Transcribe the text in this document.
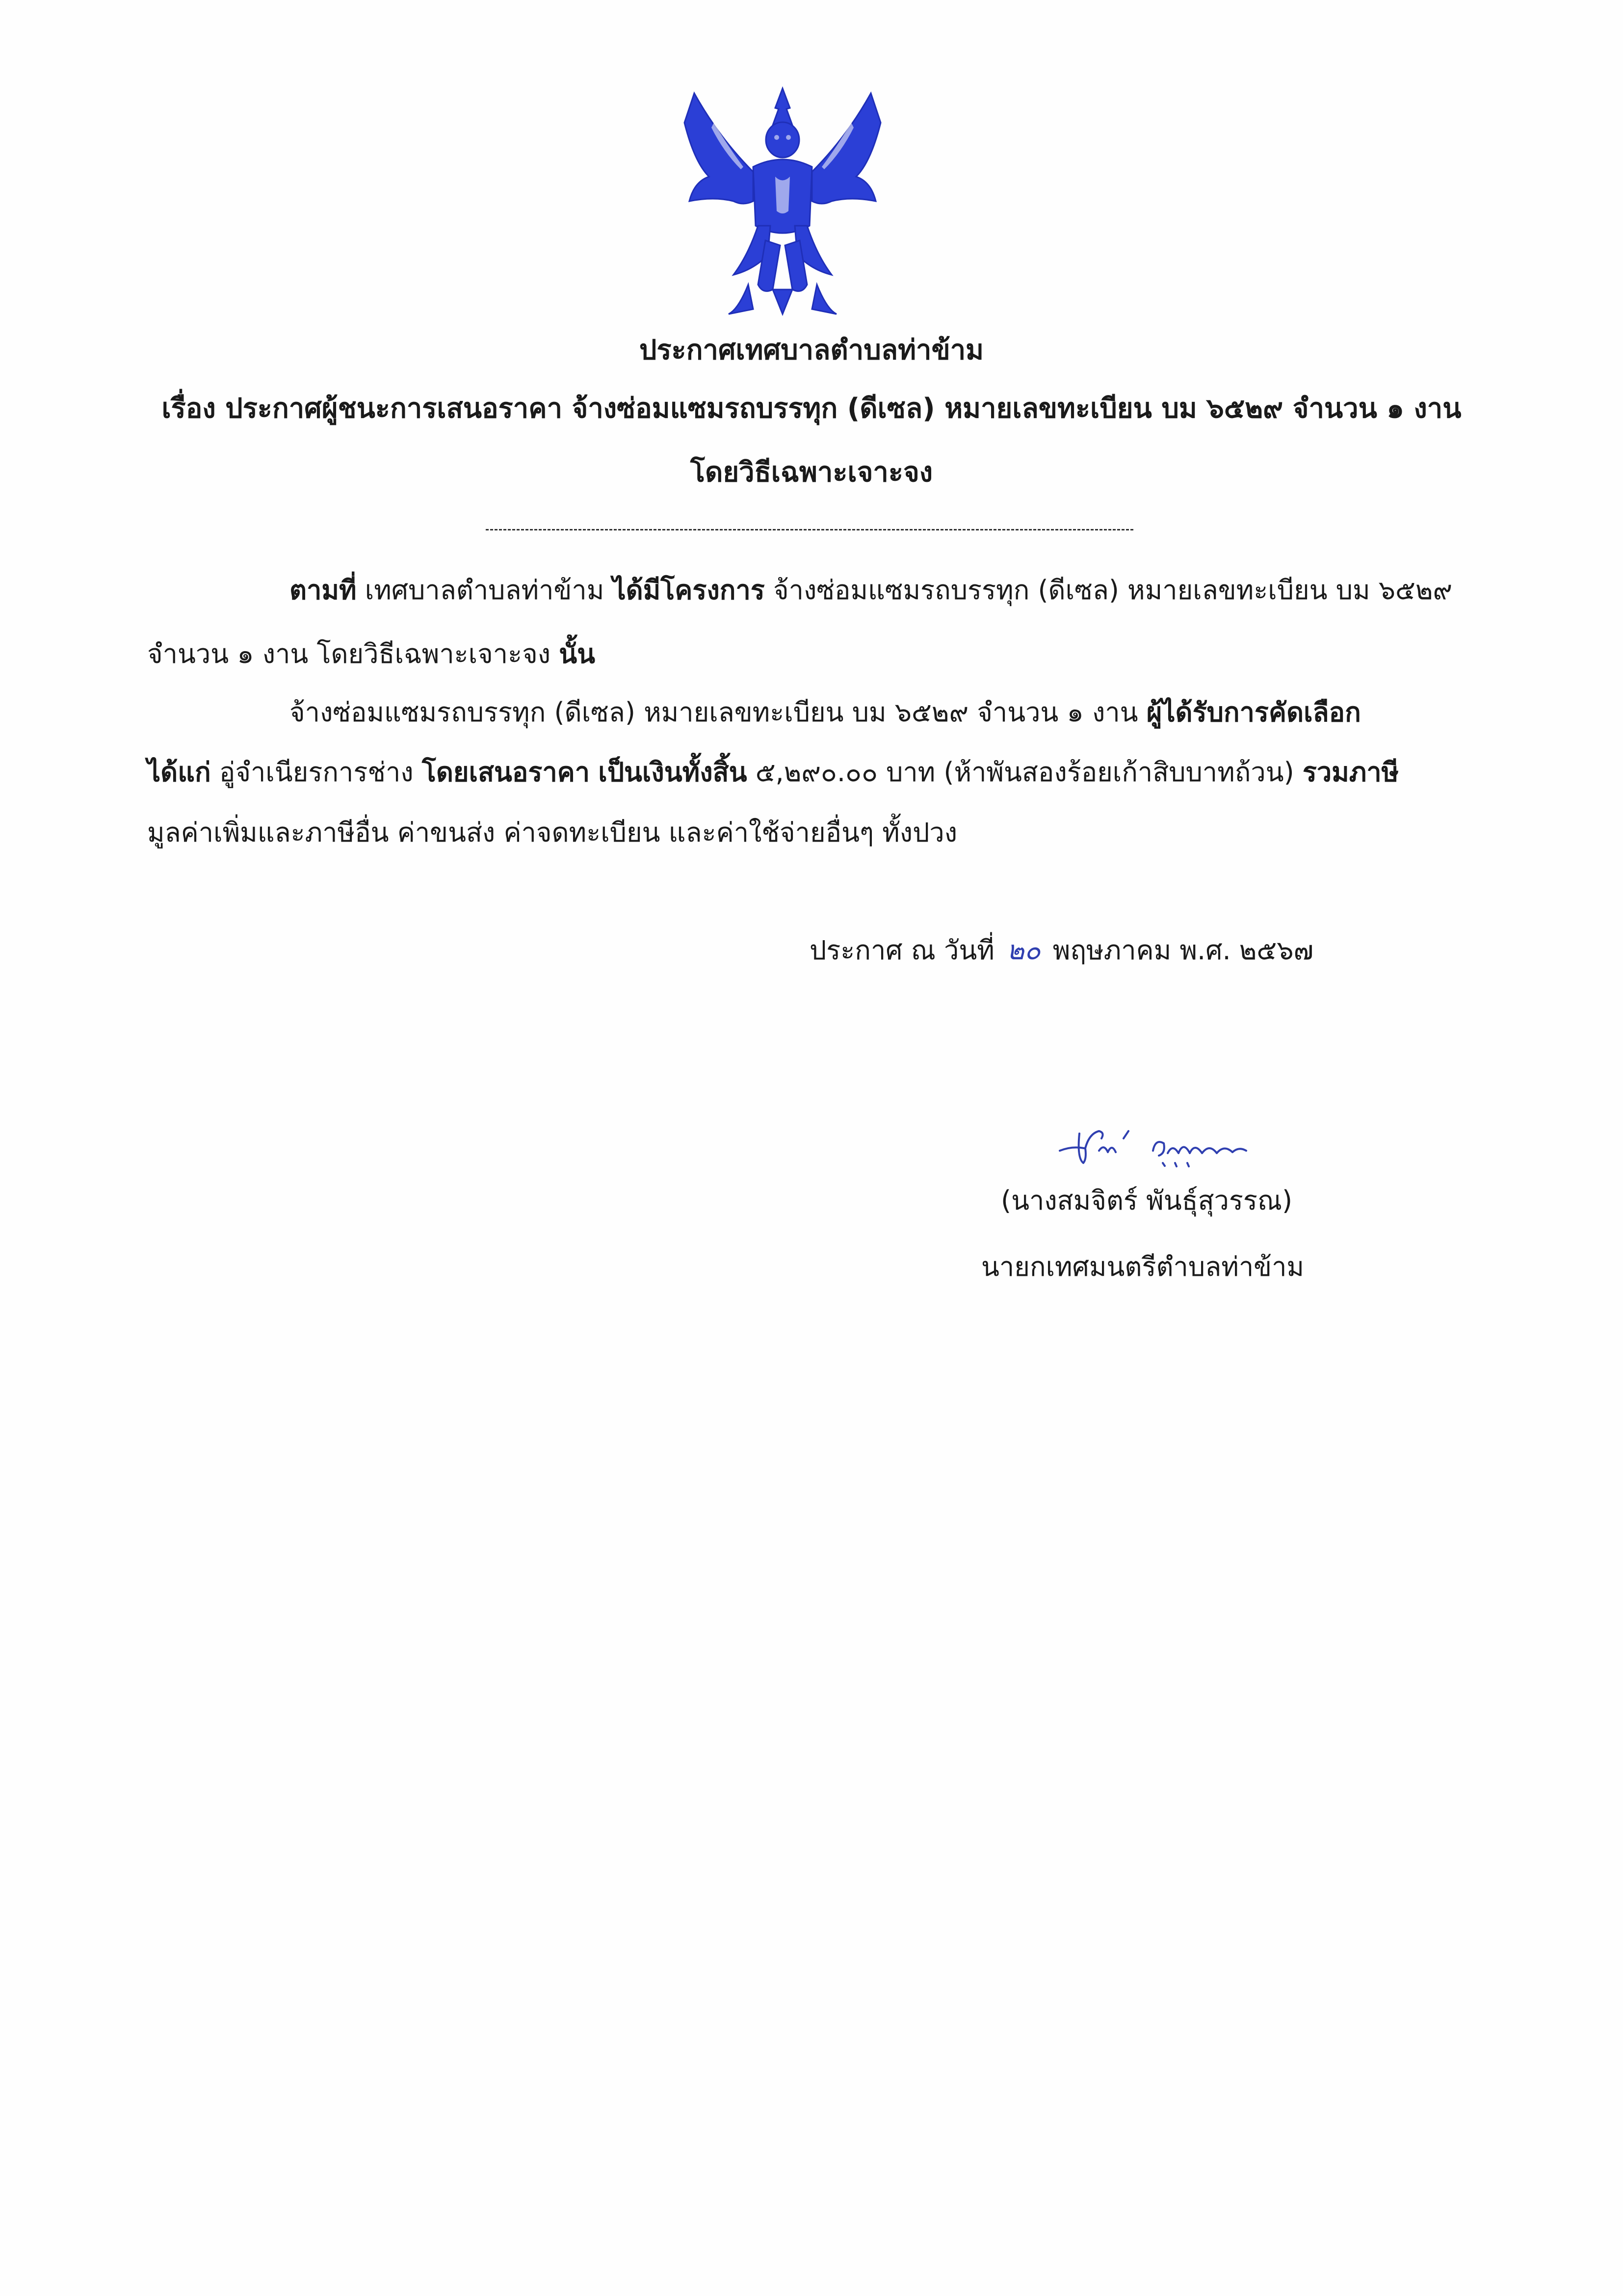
ประกาศเทศบาลตำบลท่าข้าม
เรื่อง ประกาศผู้ชนะการเสนอราคา จ้างซ่อมแซมรถบรรทุก (ดีเซล) หมายเลขทะเบียน บม ๖๕๒๙ จำนวน ๑ งาน
โดยวิธีเฉพาะเจาะจง
ตามที่ เทศบาลตำบลท่าข้าม ได้มีโครงการ จ้างซ่อมแซมรถบรรทุก (ดีเซล) หมายเลขทะเบียน บม ๖๕๒๙
จำนวน ๑ งาน โดยวิธีเฉพาะเจาะจง นั้น
จ้างซ่อมแซมรถบรรทุก (ดีเซล) หมายเลขทะเบียน บม ๖๕๒๙ จำนวน ๑ งาน ผู้ได้รับการคัดเลือก
ได้แก่ อู่จำเนียรการช่าง โดยเสนอราคา เป็นเงินทั้งสิ้น ๕,๒๙๐.๐๐ บาท (ห้าพันสองร้อยเก้าสิบบาทถ้วน) รวมภาษี
มูลค่าเพิ่มและภาษีอื่น ค่าขนส่ง ค่าจดทะเบียน และค่าใช้จ่ายอื่นๆ ทั้งปวง
ประกาศ ณ วันที่ ๒๐ พฤษภาคม พ.ศ. ๒๕๖๗
(นางสมจิตร์ พันธุ์สุวรรณ)
นายกเทศมนตรีตำบลท่าข้าม
